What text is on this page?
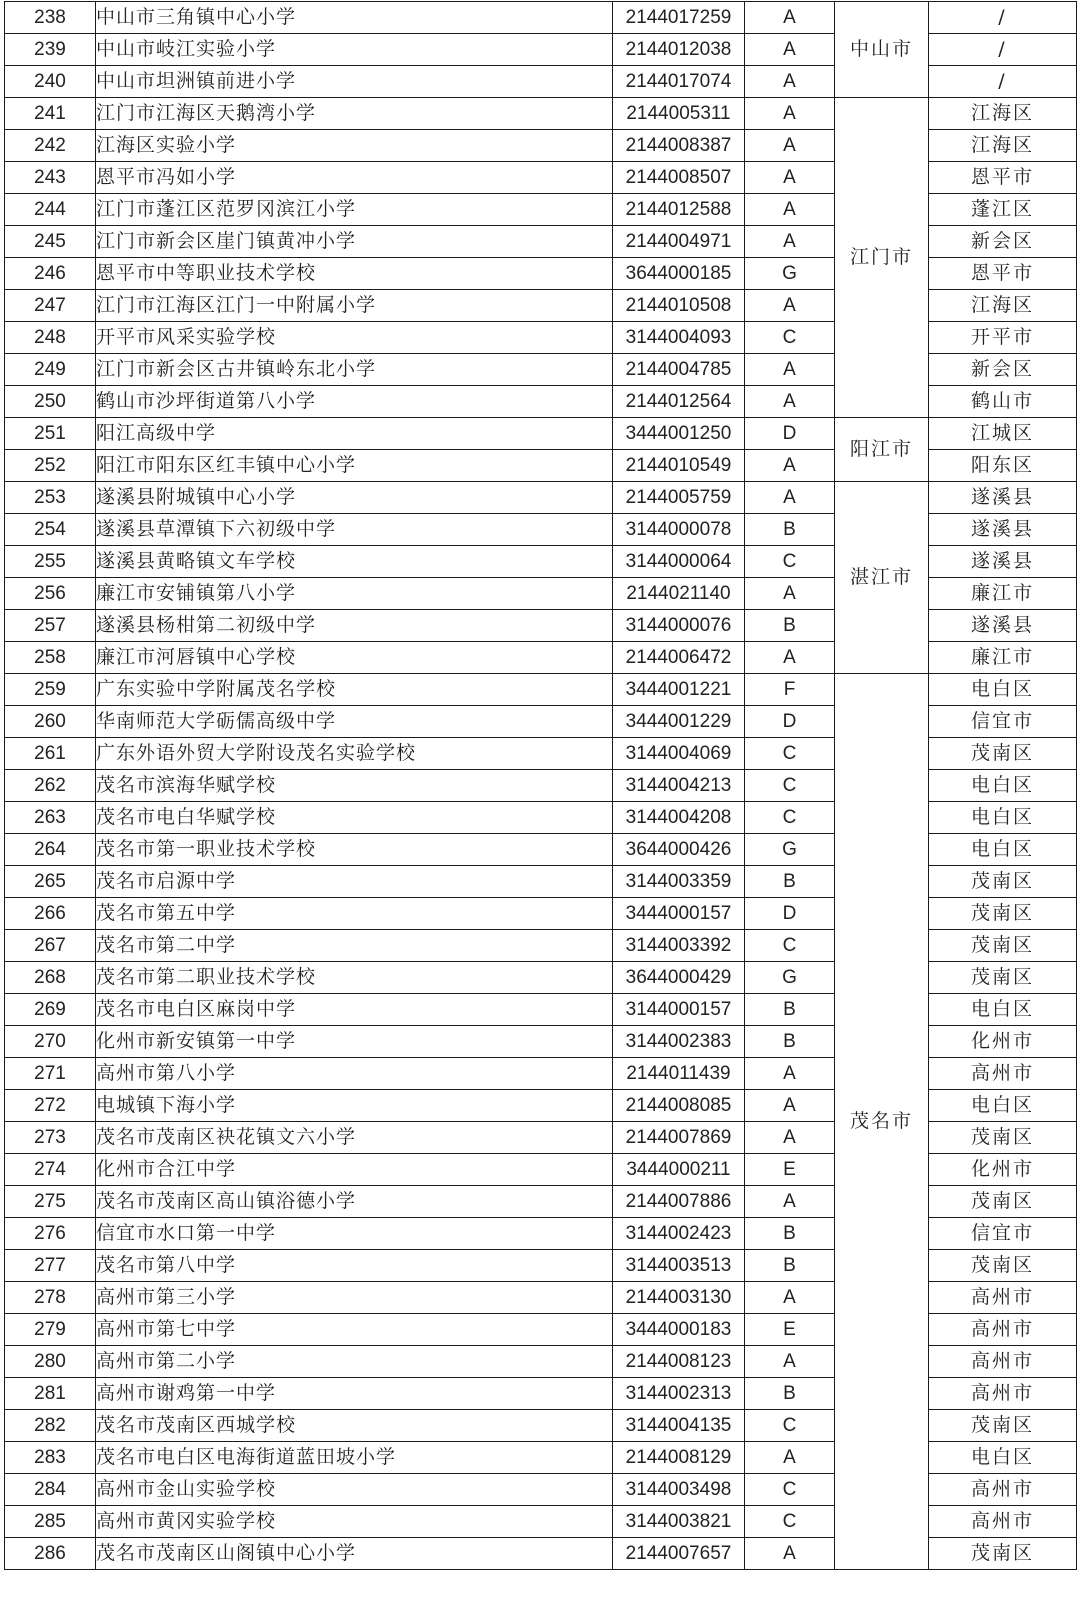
238	中山市三角镇中心小学	2144017259	A	中山市	/
239	中山市岐江实验小学	2144012038	A		/
240	中山市坦洲镇前进小学	2144017074	A		/
241	江门市江海区天鹅湾小学	2144005311	A	江门市	江海区
242	江海区实验小学	2144008387	A		江海区
243	恩平市冯如小学	2144008507	A		恩平市
244	江门市蓬江区范罗冈滨江小学	2144012588	A		蓬江区
245	江门市新会区崖门镇黄冲小学	2144004971	A		新会区
246	恩平市中等职业技术学校	3644000185	G		恩平市
247	江门市江海区江门一中附属小学	2144010508	A		江海区
248	开平市风采实验学校	3144004093	C		开平市
249	江门市新会区古井镇岭东北小学	2144004785	A		新会区
250	鹤山市沙坪街道第八小学	2144012564	A		鹤山市
251	阳江高级中学	3444001250	D	阳江市	江城区
252	阳江市阳东区红丰镇中心小学	2144010549	A		阳东区
253	遂溪县附城镇中心小学	2144005759	A	湛江市	遂溪县
254	遂溪县草潭镇下六初级中学	3144000078	B		遂溪县
255	遂溪县黄略镇文车学校	3144000064	C		遂溪县
256	廉江市安铺镇第八小学	2144021140	A		廉江市
257	遂溪县杨柑第二初级中学	3144000076	B		遂溪县
258	廉江市河唇镇中心学校	2144006472	A		廉江市
259	广东实验中学附属茂名学校	3444001221	F	茂名市	电白区
260	华南师范大学砺儒高级中学	3444001229	D		信宜市
261	广东外语外贸大学附设茂名实验学校	3144004069	C		茂南区
262	茂名市滨海华赋学校	3144004213	C		电白区
263	茂名市电白华赋学校	3144004208	C		电白区
264	茂名市第一职业技术学校	3644000426	G		电白区
265	茂名市启源中学	3144003359	B		茂南区
266	茂名市第五中学	3444000157	D		茂南区
267	茂名市第二中学	3144003392	C		茂南区
268	茂名市第二职业技术学校	3644000429	G		茂南区
269	茂名市电白区麻岗中学	3144000157	B		电白区
270	化州市新安镇第一中学	3144002383	B		化州市
271	高州市第八小学	2144011439	A		高州市
272	电城镇下海小学	2144008085	A		电白区
273	茂名市茂南区袂花镇文六小学	2144007869	A		茂南区
274	化州市合江中学	3444000211	E		化州市
275	茂名市茂南区高山镇浴德小学	2144007886	A		茂南区
276	信宜市水口第一中学	3144002423	B		信宜市
277	茂名市第八中学	3144003513	B		茂南区
278	高州市第三小学	2144003130	A		高州市
279	高州市第七中学	3444000183	E		高州市
280	高州市第二小学	2144008123	A		高州市
281	高州市谢鸡第一中学	3144002313	B		高州市
282	茂名市茂南区西城学校	3144004135	C		茂南区
283	茂名市电白区电海街道蓝田坡小学	2144008129	A		电白区
284	高州市金山实验学校	3144003498	C		高州市
285	高州市黄冈实验学校	3144003821	C		高州市
286	茂名市茂南区山阁镇中心小学	2144007657	A		茂南区
